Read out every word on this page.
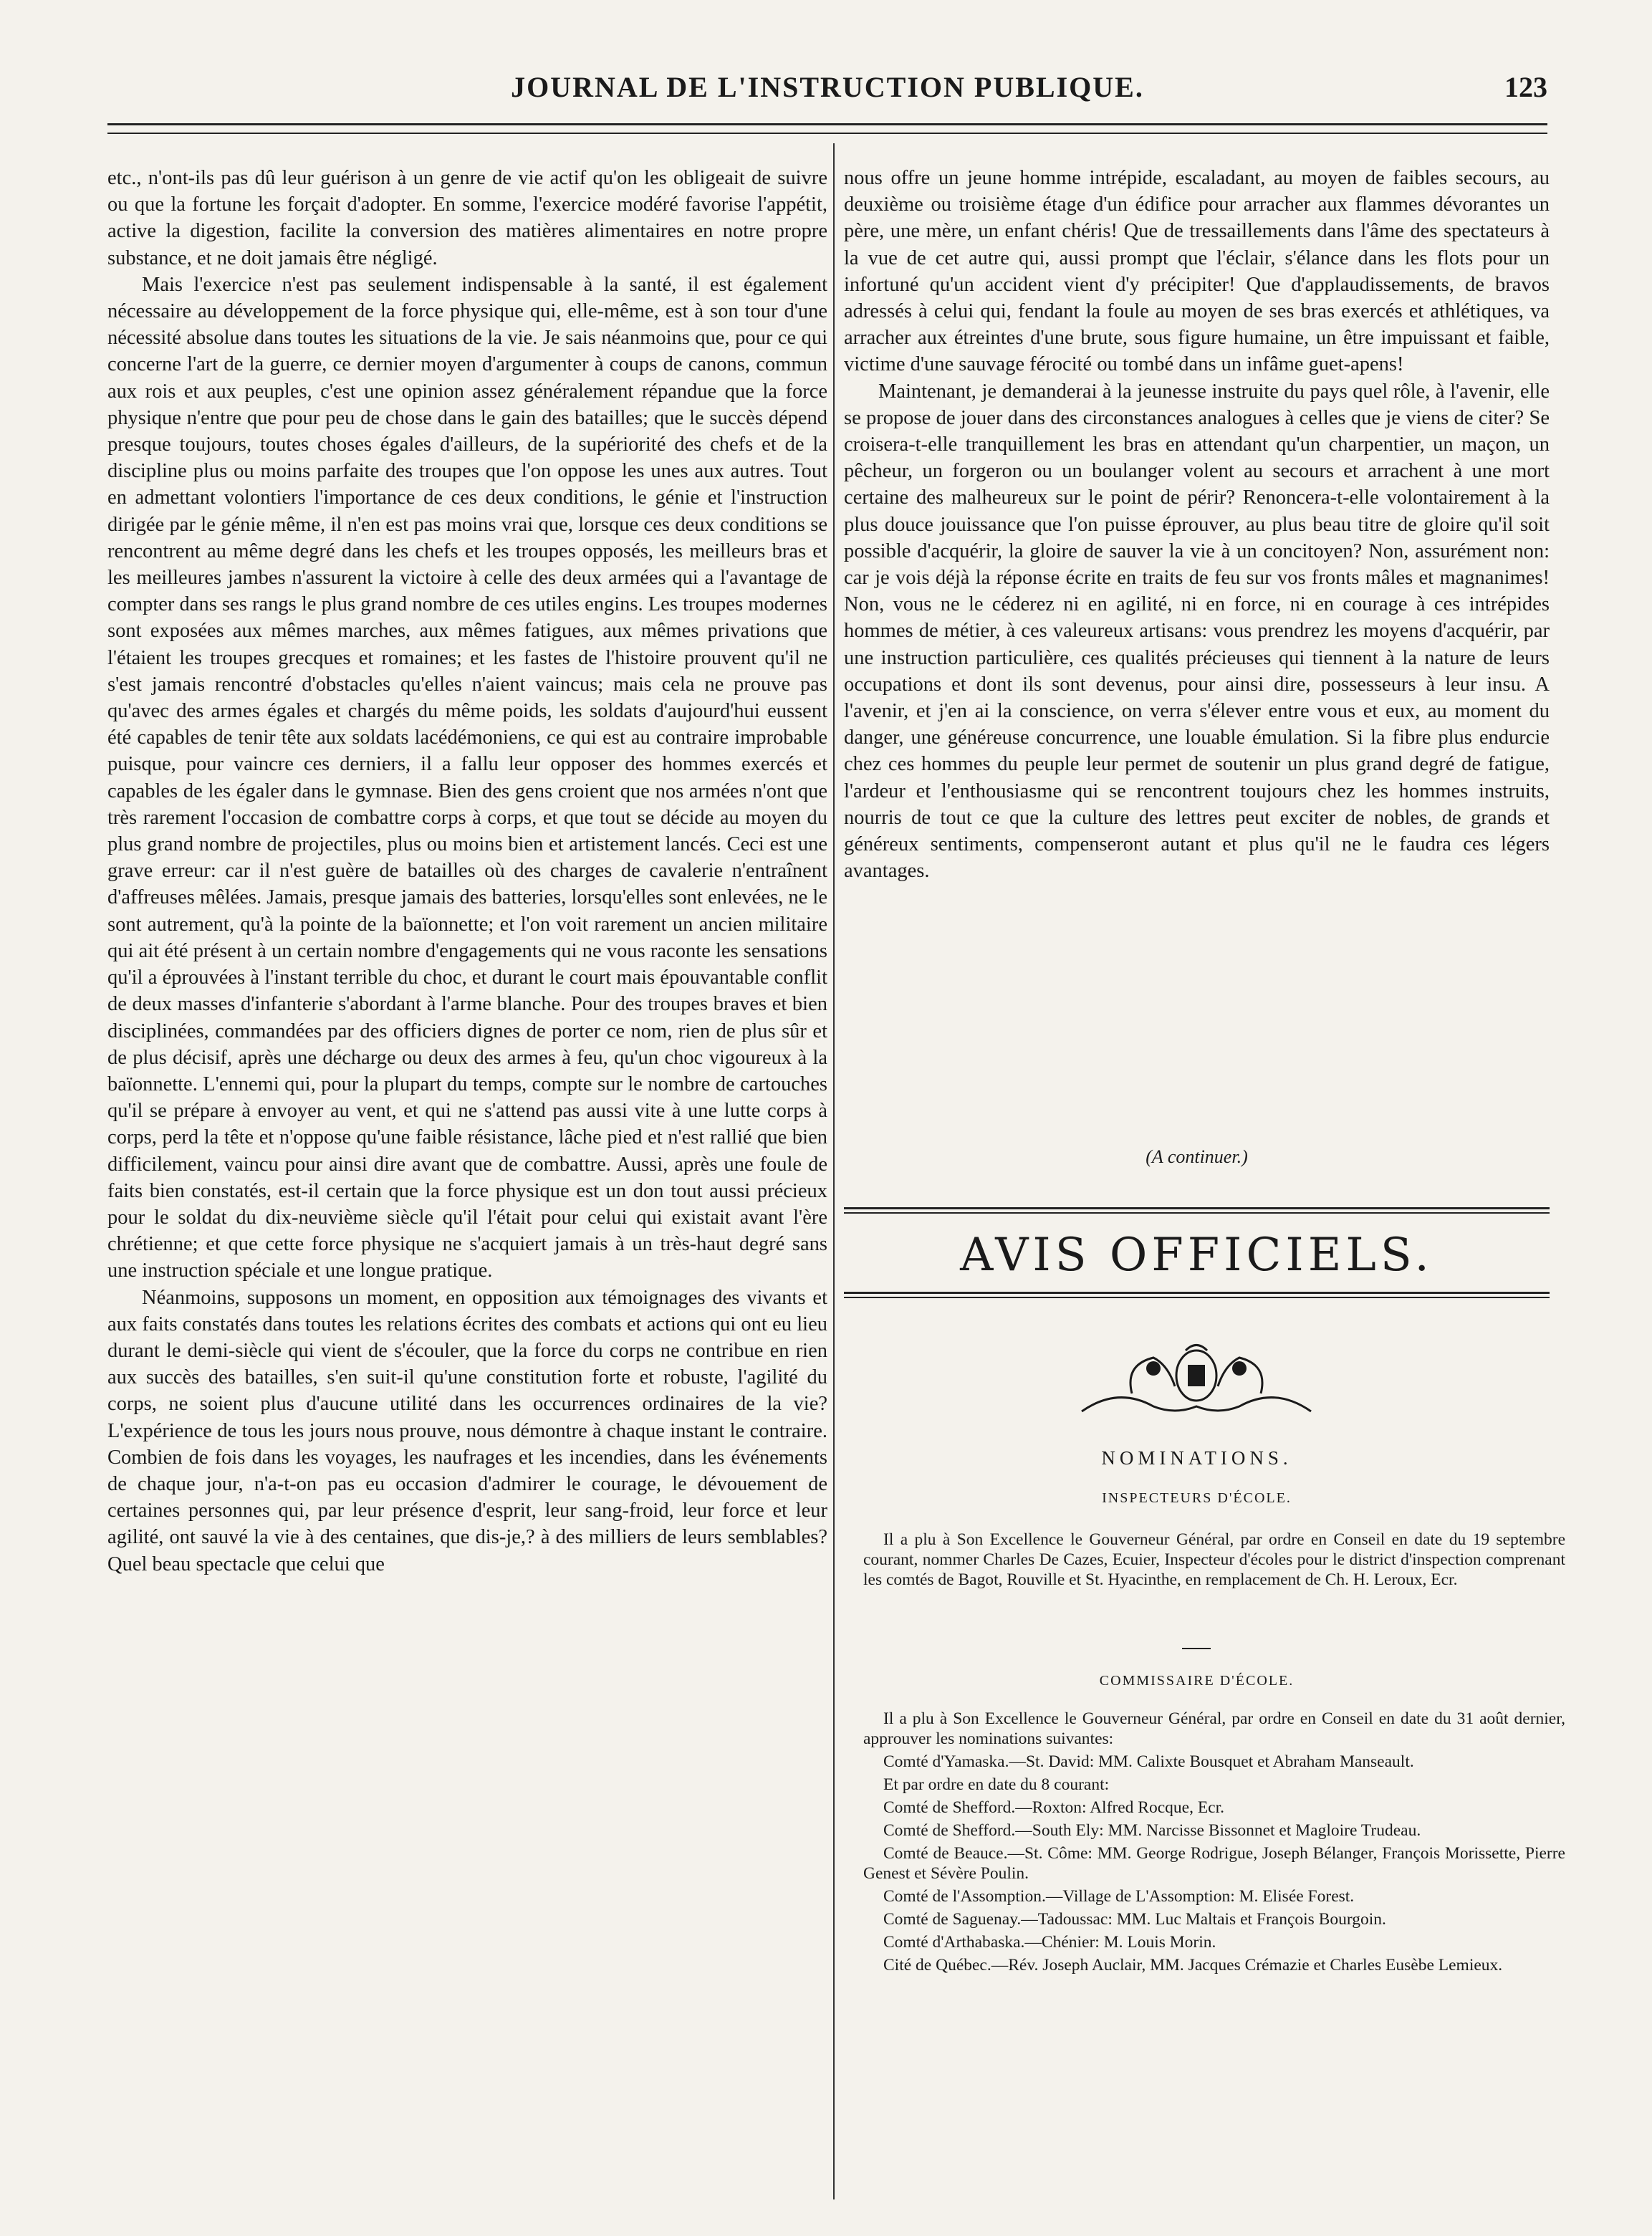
JOURNAL DE L'INSTRUCTION PUBLIQUE.	123

etc., n'ont-ils pas dû leur guérison à un genre de vie actif qu'on les obligeait de suivre ou que la fortune les forçait d'adopter. En somme, l'exercice modéré favorise l'appétit, active la digestion, facilite la conversion des matières alimentaires en notre propre substance, et ne doit jamais être négligé.

Mais l'exercice n'est pas seulement indispensable à la santé, il est également nécessaire au développement de la force physique qui, elle-même, est à son tour d'une nécessité absolue dans toutes les situations de la vie. Je sais néanmoins que, pour ce qui concerne l'art de la guerre, ce dernier moyen d'argumenter à coups de canons, commun aux rois et aux peuples, c'est une opinion assez généralement répandue que la force physique n'entre que pour peu de chose dans le gain des batailles; que le succès dépend presque toujours, toutes choses égales d'ailleurs, de la supériorité des chefs et de la discipline plus ou moins parfaite des troupes que l'on oppose les unes aux autres. Tout en admettant volontiers l'importance de ces deux conditions, le génie et l'instruction dirigée par le génie même, il n'en est pas moins vrai que, lorsque ces deux conditions se rencontrent au même degré dans les chefs et les troupes opposés, les meilleurs bras et les meilleures jambes n'assurent la victoire à celle des deux armées qui a l'avantage de compter dans ses rangs le plus grand nombre de ces utiles engins. Les troupes modernes sont exposées aux mêmes marches, aux mêmes fatigues, aux mêmes privations que l'étaient les troupes grecques et romaines; et les fastes de l'histoire prouvent qu'il ne s'est jamais rencontré d'obstacles qu'elles n'aient vaincus; mais cela ne prouve pas qu'avec des armes égales et chargés du même poids, les soldats d'aujourd'hui eussent été capables de tenir tête aux soldats lacédémoniens, ce qui est au contraire improbable puisque, pour vaincre ces derniers, il a fallu leur opposer des hommes exercés et capables de les égaler dans le gymnase. Bien des gens croient que nos armées n'ont que très rarement l'occasion de combattre corps à corps, et que tout se décide au moyen du plus grand nombre de projectiles, plus ou moins bien et artistement lancés. Ceci est une grave erreur: car il n'est guère de batailles où des charges de cavalerie n'entraînent d'affreuses mêlées. Jamais, presque jamais des batteries, lorsqu'elles sont enlevées, ne le sont autrement, qu'à la pointe de la baïonnette; et l'on voit rarement un ancien militaire qui ait été présent à un certain nombre d'engagements qui ne vous raconte les sensations qu'il a éprouvées à l'instant terrible du choc, et durant le court mais épouvantable conflit de deux masses d'infanterie s'abordant à l'arme blanche. Pour des troupes braves et bien disciplinées, commandées par des officiers dignes de porter ce nom, rien de plus sûr et de plus décisif, après une décharge ou deux des armes à feu, qu'un choc vigoureux à la baïonnette. L'ennemi qui, pour la plupart du temps, compte sur le nombre de cartouches qu'il se prépare à envoyer au vent, et qui ne s'attend pas aussi vite à une lutte corps à corps, perd la tête et n'oppose qu'une faible résistance, lâche pied et n'est rallié que bien difficilement, vaincu pour ainsi dire avant que de combattre. Aussi, après une foule de faits bien constatés, est-il certain que la force physique est un don tout aussi précieux pour le soldat du dix-neuvième siècle qu'il l'était pour celui qui existait avant l'ère chrétienne; et que cette force physique ne s'acquiert jamais à un très-haut degré sans une instruction spéciale et une longue pratique.

Néanmoins, supposons un moment, en opposition aux témoignages des vivants et aux faits constatés dans toutes les relations écrites des combats et actions qui ont eu lieu durant le demi-siècle qui vient de s'écouler, que la force du corps ne contribue en rien aux succès des batailles, s'en suit-il qu'une constitution forte et robuste, l'agilité du corps, ne soient plus d'aucune utilité dans les occurrences ordinaires de la vie? L'expérience de tous les jours nous prouve, nous démontre à chaque instant le contraire. Combien de fois dans les voyages, les naufrages et les incendies, dans les événements de chaque jour, n'a-t-on pas eu occasion d'admirer le courage, le dévouement de certaines personnes qui, par leur présence d'esprit, leur sang-froid, leur force et leur agilité, ont sauvé la vie à des centaines, que dis-je,? à des milliers de leurs semblables? Quel beau spectacle que celui que

nous offre un jeune homme intrépide, escaladant, au moyen de faibles secours, au deuxième ou troisième étage d'un édifice pour arracher aux flammes dévorantes un père, une mère, un enfant chéris! Que de tressaillements dans l'âme des spectateurs à la vue de cet autre qui, aussi prompt que l'éclair, s'élance dans les flots pour un infortuné qu'un accident vient d'y précipiter! Que d'applaudissements, de bravos adressés à celui qui, fendant la foule au moyen de ses bras exercés et athlétiques, va arracher aux étreintes d'une brute, sous figure humaine, un être impuissant et faible, victime d'une sauvage férocité ou tombé dans un infâme guet-apens!

Maintenant, je demanderai à la jeunesse instruite du pays quel rôle, à l'avenir, elle se propose de jouer dans des circonstances analogues à celles que je viens de citer? Se croisera-t-elle tranquillement les bras en attendant qu'un charpentier, un maçon, un pêcheur, un forgeron ou un boulanger volent au secours et arrachent à une mort certaine des malheureux sur le point de périr? Renoncera-t-elle volontairement à la plus douce jouissance que l'on puisse éprouver, au plus beau titre de gloire qu'il soit possible d'acquérir, la gloire de sauver la vie à un concitoyen? Non, assurément non: car je vois déjà la réponse écrite en traits de feu sur vos fronts mâles et magnanimes! Non, vous ne le céderez ni en agilité, ni en force, ni en courage à ces intrépides hommes de métier, à ces valeureux artisans: vous prendrez les moyens d'acquérir, par une instruction particulière, ces qualités précieuses qui tiennent à la nature de leurs occupations et dont ils sont devenus, pour ainsi dire, possesseurs à leur insu. A l'avenir, et j'en ai la conscience, on verra s'élever entre vous et eux, au moment du danger, une généreuse concurrence, une louable émulation. Si la fibre plus endurcie chez ces hommes du peuple leur permet de soutenir un plus grand degré de fatigue, l'ardeur et l'enthousiasme qui se rencontrent toujours chez les hommes instruits, nourris de tout ce que la culture des lettres peut exciter de nobles, de grands et généreux sentiments, compenseront autant et plus qu'il ne le faudra ces légers avantages.

(A continuer.)
AVIS OFFICIELS.
NOMINATIONS.
INSPECTEURS D'ÉCOLE.

Il a plu à Son Excellence le Gouverneur Général, par ordre en Conseil en date du 19 septembre courant, nommer Charles De Cazes, Ecuier, Inspecteur d'écoles pour le district d'inspection comprenant les comtés de Bagot, Rouville et St. Hyacinthe, en remplacement de Ch. H. Leroux, Ecr.

COMMISSAIRE D'ÉCOLE.

Il a plu à Son Excellence le Gouverneur Général, par ordre en Conseil en date du 31 août dernier, approuver les nominations suivantes:

Comté d'Yamaska.—St. David: MM. Calixte Bousquet et Abraham Manseault.

Et par ordre en date du 8 courant:

Comté de Shefford.—Roxton: Alfred Rocque, Ecr.

Comté de Shefford.—South Ely: MM. Narcisse Bissonnet et Magloire Trudeau.

Comté de Beauce.—St. Côme: MM. George Rodrigue, Joseph Bélanger, François Morissette, Pierre Genest et Sévère Poulin.

Comté de l'Assomption.—Village de L'Assomption: M. Elisée Forest.

Comté de Saguenay.—Tadoussac: MM. Luc Maltais et François Bourgoin.

Comté d'Arthabaska.—Chénier: M. Louis Morin.

Cité de Québec.—Rév. Joseph Auclair, MM. Jacques Crémazie et Charles Eusèbe Lemieux.
